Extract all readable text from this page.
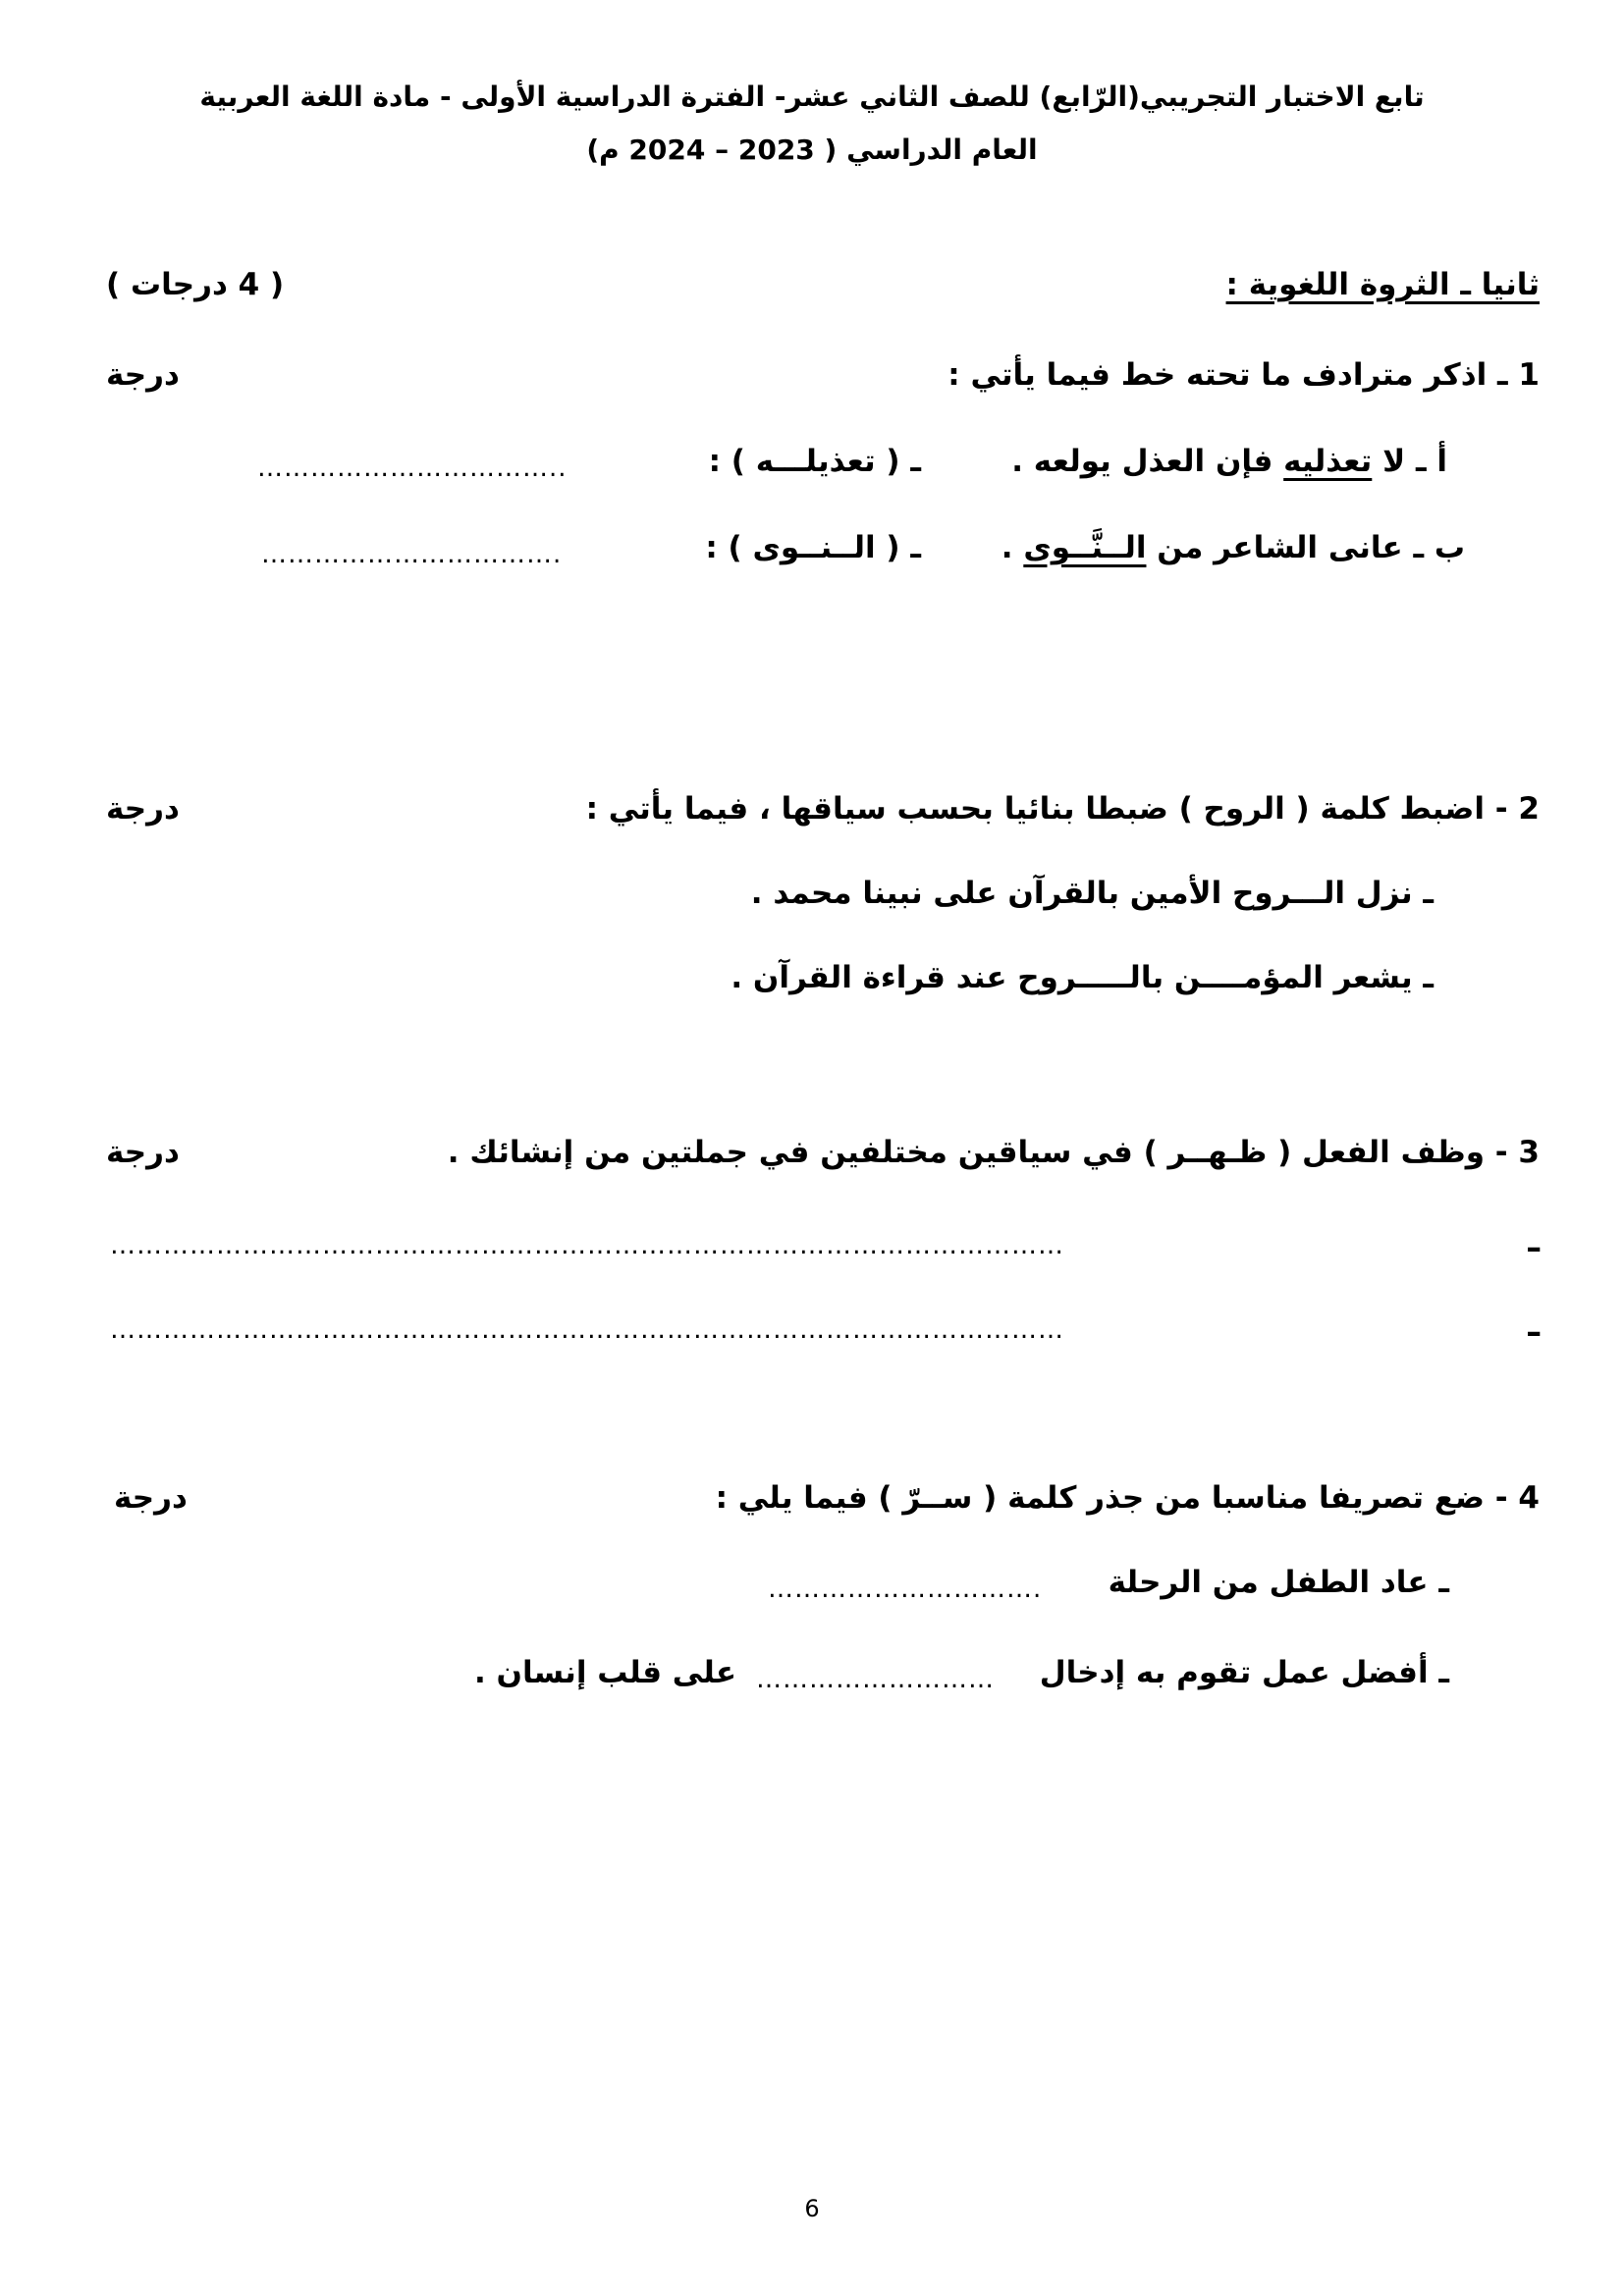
تابع الاختبار التجريبي(الرّابع) للصف الثاني عشر- الفترة الدراسية الأولى - مادة اللغة العربية
العام الدراسي ( 2023 – 2024 م)
ثانيا ـ الثروة اللغوية :
( 4 درجات )
1 ـ اذكر مترادف ما تحته خط فيما يأتي :
درجة
أ ـ لا تعذليه فإن العذل يولعه .
ـ ( تعذيلـــه ) :
……………………………..
ب ـ عانى الشاعر من الــنَّــوى .
ـ ( الــنــوى ) :
…………………………….
2 - اضبط كلمة ( الروح ) ضبطا بنائيا بحسب سياقها ، فيما يأتي :
درجة
ـ نزل الـــروح الأمين بالقرآن على نبينا محمد .
ـ يشعر المؤمــــن بالـــــروح عند قراءة القرآن .
3 - وظف الفعل ( ظـهــر ) في سياقين مختلفين في جملتين من إنشائك .
درجة
ـ
………………………………………………………………………………………………
ـ
………………………………………………………………………………………………
4 - ضع تصريفا مناسبا من جذر كلمة ( ســرّ ) فيما يلي :
درجة
ـ عاد الطفل من الرحلة
………………………….
ـ أفضل عمل تقوم به إدخال
………………………
على قلب إنسان .
6
